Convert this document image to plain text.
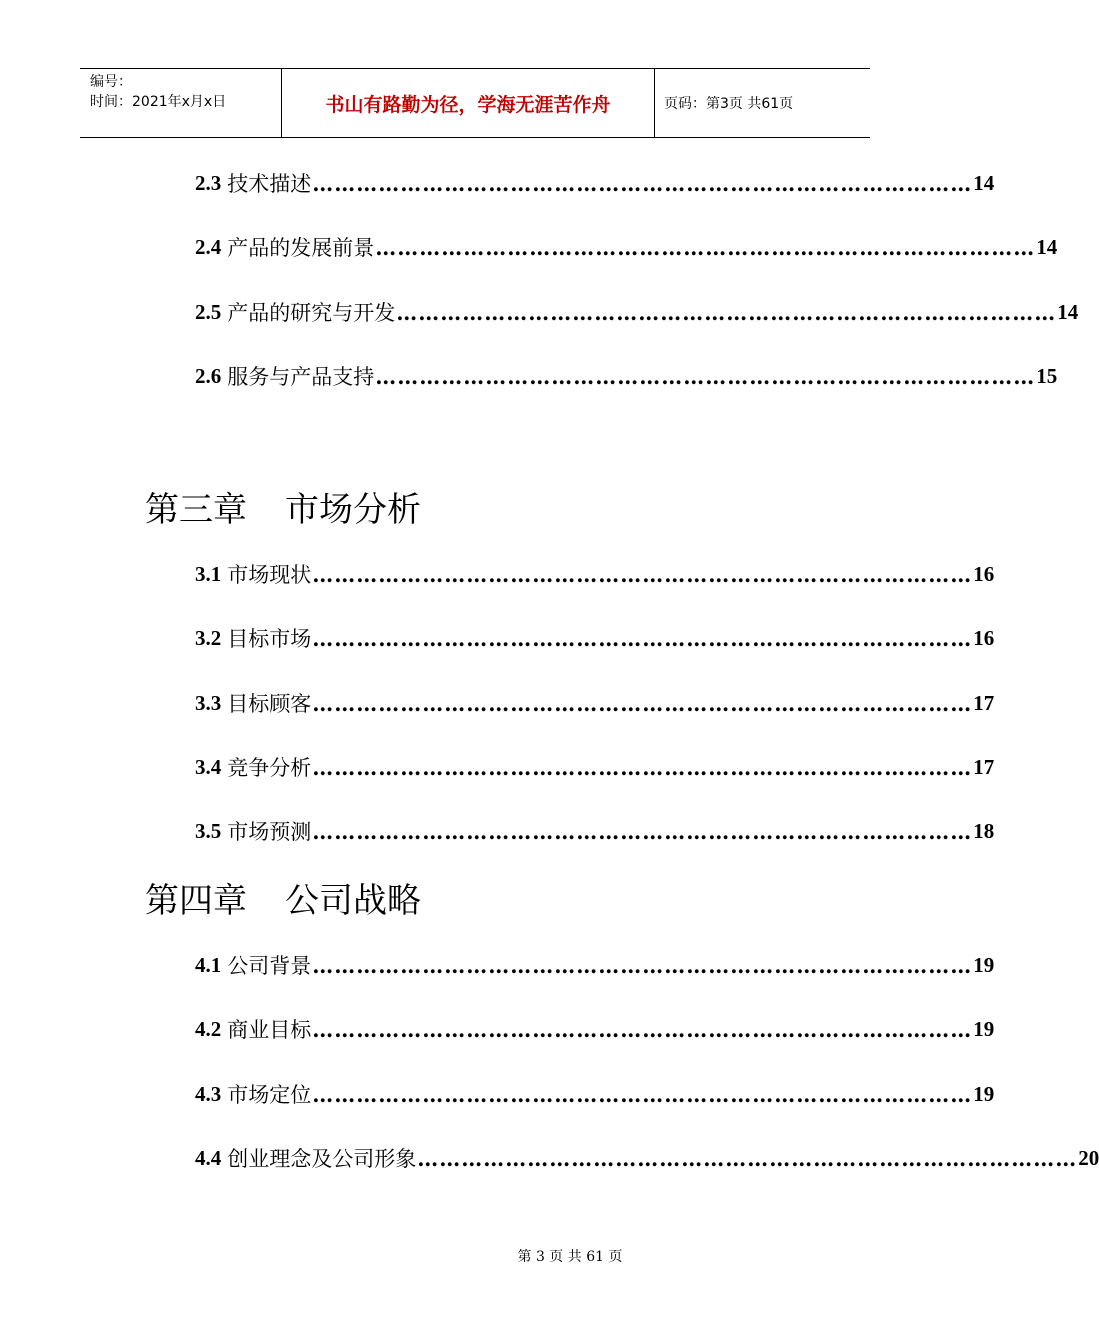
编号：
时间：2021年x月x日	书山有路勤为径，学海无涯苦作舟	页码：第3页 共61页
2.3 技术描述 ……………………………………………………………………………… 14
2.4 产品的发展前景 ……………………………………………………………………………… 14
2.5 产品的研究与开发 ……………………………………………………………………………… 14
2.6 服务与产品支持 ……………………………………………………………………………… 15
第三章 市场分析
3.1 市场现状 ……………………………………………………………………………… 16
3.2 目标市场 ……………………………………………………………………………… 16
3.3 目标顾客 ……………………………………………………………………………… 17
3.4 竞争分析 ……………………………………………………………………………… 17
3.5 市场预测 ……………………………………………………………………………… 18
第四章 公司战略
4.1 公司背景 ……………………………………………………………………………… 19
4.2 商业目标 ……………………………………………………………………………… 19
4.3 市场定位 ……………………………………………………………………………… 19
4.4 创业理念及公司形象 ……………………………………………………………………………… 20
第 3 页 共 61 页
